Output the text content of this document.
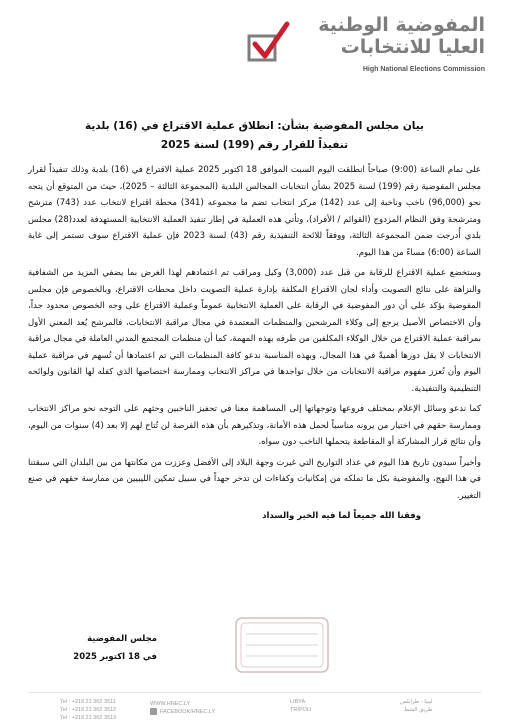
المفوضية الوطنية
العليا للانتخابات
High National Elections Commission
بيان مجلس المفوضية بشأن: انطلاق عملية الاقتراع في (16) بلدية
تنفيذاً للقرار رقم (199) لسنة 2025

على تمام الساعة (9:00) صباحاً انطلقت اليوم السبت الموافق 18 اكتوبر 2025 عملية الاقتراع في (16) بلدية وذلك تنفيذاً لقرار مجلس المفوضية رقم (199) لسنة 2025 بشأن انتخابات المجالس البلدية (المجموعة الثالثة – 2025)، حيث من المتوقع أن يتجه نحو (96,000) ناخب وناخبة إلى عدد (142) مركز انتخاب تضم ما مجموعه (341) محطة اقتراع لانتخاب عدد (743) مترشح ومترشحة وفق النظام المزدوج (القوائم / الأفراد)، وتأتي هذه العملية في إطار تنفيذ العملية الانتخابية المستهدفة لعدد(28) مجلس بلدي أُدرجت ضمن المجموعة الثالثة، ووفقاً للائحة التنفيذية رقم (43) لسنة 2023 فإن عملية الاقتراع سوف تستمر إلى غاية الساعة (6:00) مساءً من هذا اليوم.

وستخضع عملية الاقتراع للرقابة من قبل عدد (3,000) وكيل ومراقب تم اعتمادهم لهذا الغرض بما يضفي المزيد من الشفافية والنزاهة على نتائج التصويت وأداء لجان الاقتراع المكلفة بإدارة عملية التصويت داخل محطات الاقتراع، وبالخصوص فإن مجلس المفوضية يؤكد على أن دور المفوضية في الرقابة على العملية الانتخابية عموماً وعملية الاقتراع على وجه الخصوص محدود جداً، وأن الاختصاص الأصيل يرجع إلى وكلاء المرشحين والمنظمات المعتمدة في مجال مراقبة الانتخابات، فالمرشح يُعد المعني الأول بمراقبة عملية الاقتراع من خلال الوكلاء المكلفين من طرفه بهذه المهمة، كما أن منظمات المجتمع المدني العاملة في مجال مراقبة الانتخابات لا يقل دورها أهميةً في هذا المجال، وبهذه المناسبة ندعو كافة المنظمات التي تم اعتمادها أن تُسهم في مراقبة عملية اليوم وأن تُعزز مفهوم مراقبة الانتخابات من خلال تواجدها في مراكز الانتخاب وممارسة اختصاصها الذي كفله لها القانون ولوائحه التنظيمية والتنفيذية.

كما ندعو وسائل الإعلام بمختلف فروعها وتوجهاتها إلى المساهمة معنا في تحفيز الناخبين وحثهم على التوجه نحو مراكز الانتخاب وممارسة حقهم في اختيار من يرونه مناسباً لحمل هذه الأمانة، وتذكيرهم بأن هذه الفرصة لن تُتاح لهم إلا بعد (4) سنوات من اليوم، وأن نتائج قرار المشاركة أو المقاطعة يتحملها الناخب دون سواه.

وأخيراً سيدون تاريخ هذا اليوم في عداد التواريخ التي غيرت وجهة البلاد إلى الأفضل وعززت من مكانتها من بين البلدان التي سبقتنا في هذا النهج، والمفوضية بكل ما تملكه من إمكانيات وكفاءات لن تدخر جهداً في سبيل تمكين الليبيين من ممارسة حقهم في صنع التغيير.

وفقنا الله جميعاً لما فيه الخير والسداد

مجلس المفوضية
في 18 اكتوبر 2025
Tel : +218 21 362 3511
Tel : +218 21 362 3512
Tel : +218 21 362 3513
WWW.HNEC.LY
FACEBOOK/HNEC.LY
LIBYA
TRIPOLI
ليبيا - طرابلس
طريق الشط
